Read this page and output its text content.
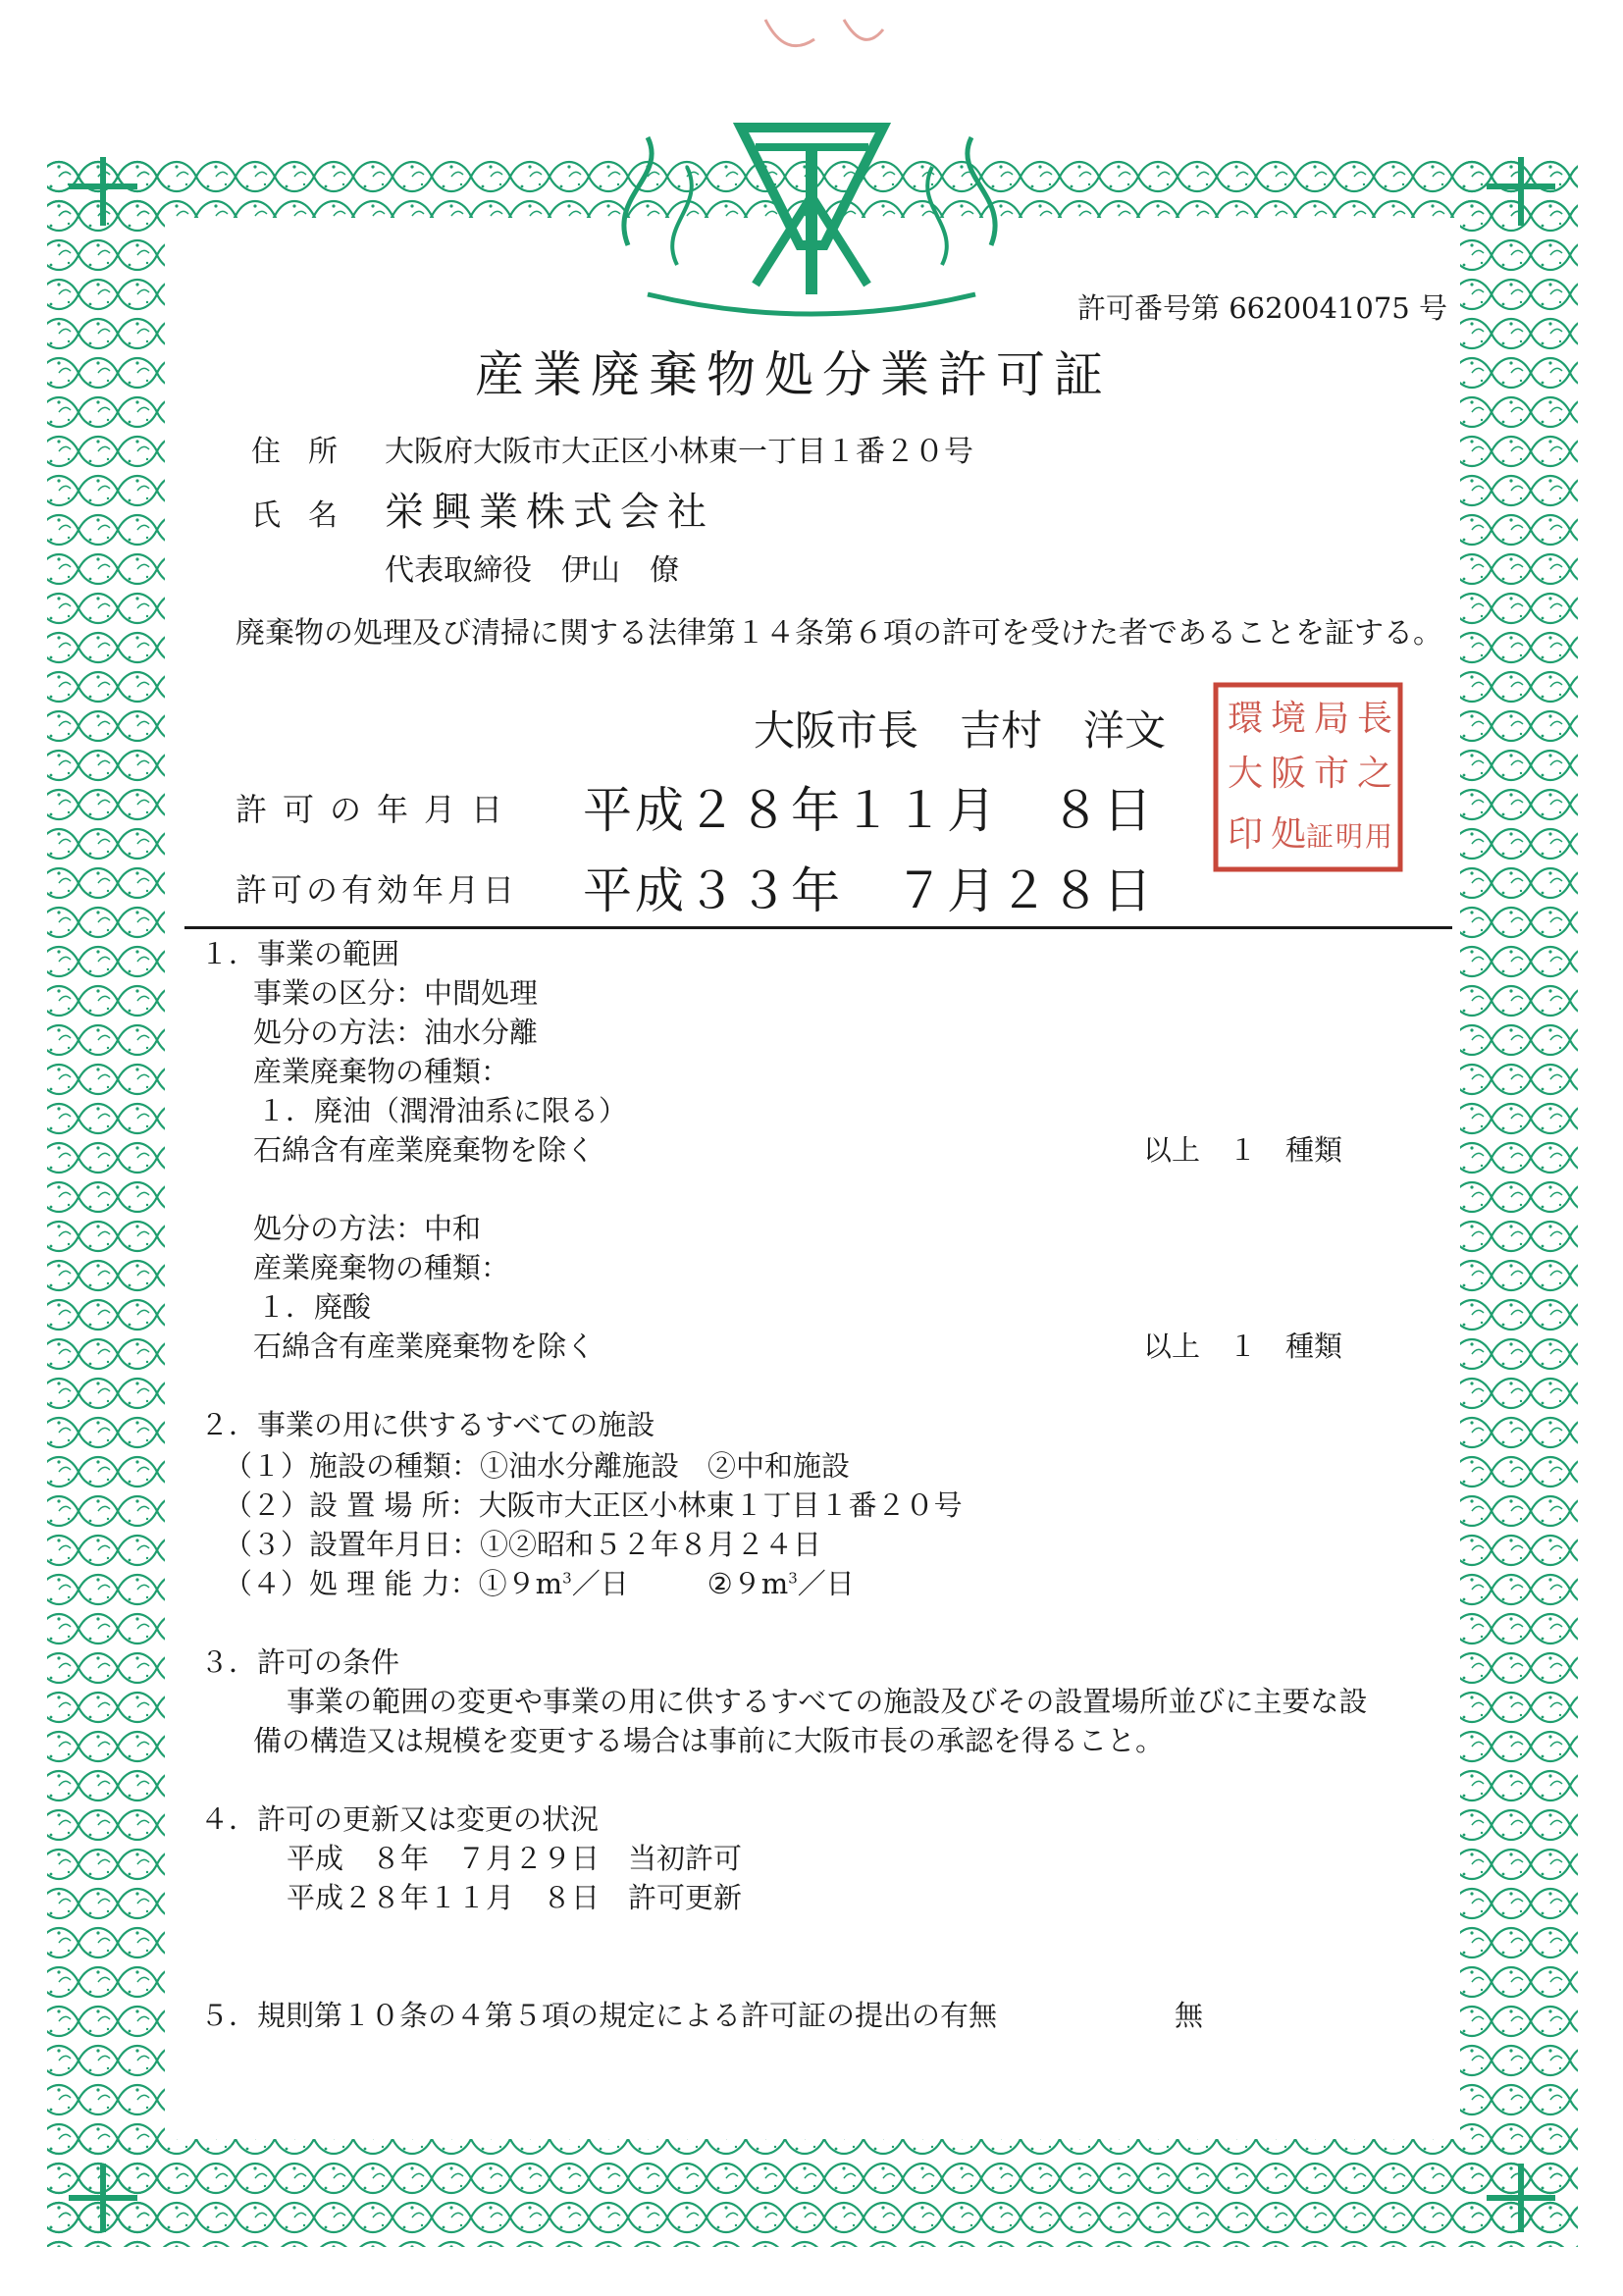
許可番号第 6620041075 号

産業廃棄物処分業許可証

住所 大阪府大阪市大正区小林東一丁目１番２０号

氏名 栄興業株式会社

代表取締役　伊山　僚

廃棄物の処理及び清掃に関する法律第１４条第６項の許可を受けた者であることを証する。

大阪市長　吉村　洋文 環 境 局 長
大 阪 市 之
印 処 証 明 用

許可の年月日 平成２８年１１月　８日

許可の有効年月日 平成３３年　７月２８日

１．事業の範囲

事業の区分：中間処理

処分の方法：油水分離

産業廃棄物の種類：

１．廃油（潤滑油系に限る）

石綿含有産業廃棄物を除く	以上　１　種類

処分の方法：中和

産業廃棄物の種類：

１．廃酸

石綿含有産業廃棄物を除く	以上　１　種類

２．事業の用に供するすべての施設

（１）施設の種類：①油水分離施設　②中和施設

（２）設 置 場 所：大阪市大正区小林東１丁目１番２０号

（３）設置年月日：①②昭和５２年８月２４日

（４）処 理 能 力：$①9m^3/$日	$②9m^3/$日

３．許可の条件

事業の範囲の変更や事業の用に供するすべての施設及びその設置場所並びに主要な設

備の構造又は規模を変更する場合は事前に大阪市長の承認を得ること。

４．許可の更新又は変更の状況

平成　８年　７月２９日　当初許可

平成２８年１１月　８日　許可更新

５．規則第１０条の４第５項の規定による許可証の提出の有無	無
